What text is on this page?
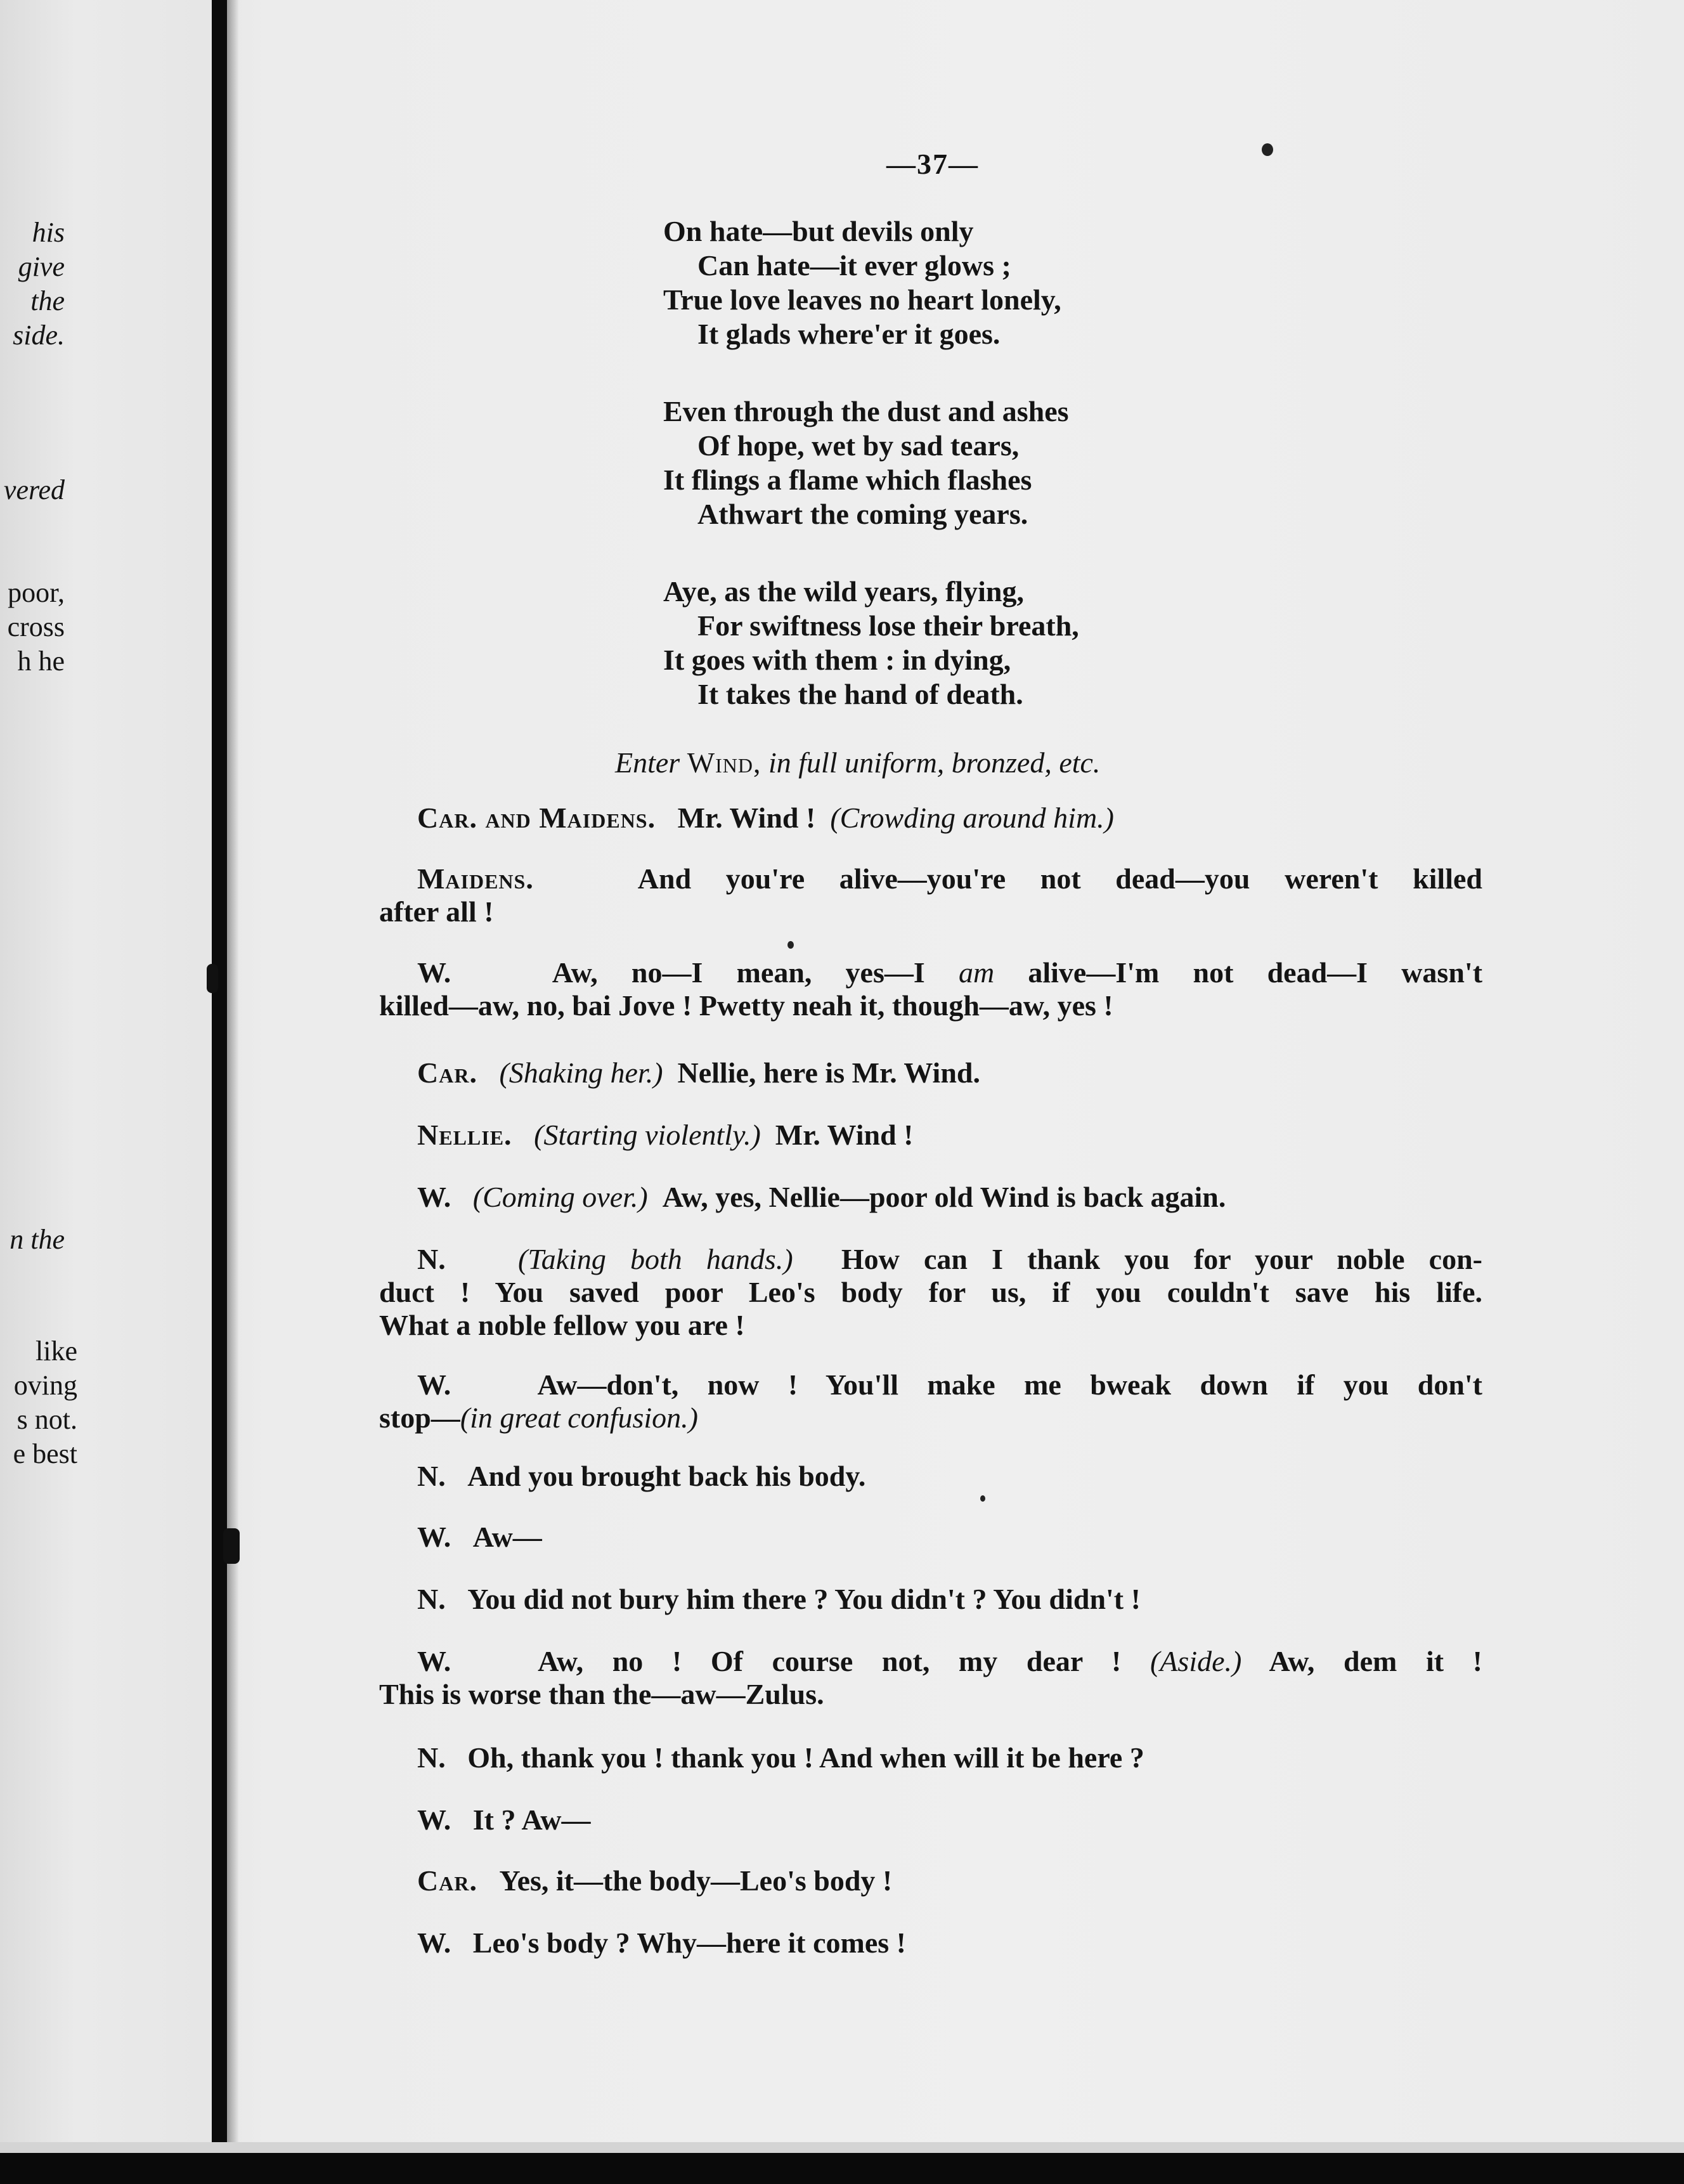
his
give
the
side.
vered
poor,
cross
h he
n the
like
oving
s not.
e best
—37—
On hate—but devils only
Can hate—it ever glows ;
True love leaves no heart lonely,
It glads where'er it goes.
Even through the dust and ashes
Of hope, wet by sad tears,
It flings a flame which flashes
Athwart the coming years.
Aye, as the wild years, flying,
For swiftness lose their breath,
It goes with them : in dying,
It takes the hand of death.
Enter Wind, in full uniform, bronzed, etc.
Car. and Maidens. Mr. Wind ! (Crowding around him.)
Maidens.	And you're alive—you're not dead—you weren't killed
after all !
W.	Aw, no—I mean, yes—I am alive—I'm not dead—I wasn't
killed—aw, no, bai Jove ! Pwetty neah it, though—aw, yes !
Car. (Shaking her.) Nellie, here is Mr. Wind.
Nellie. (Starting violently.) Mr. Wind !
W. (Coming over.) Aw, yes, Nellie—poor old Wind is back again.
N. (Taking both hands.) How can I thank you for your noble con-
duct ! You saved poor Leo's body for us, if you couldn't save his life.
What a noble fellow you are !
W.	Aw—don't, now ! You'll make me bweak down if you don't
stop—(in great confusion.)
N. And you brought back his body.
W. Aw—
N. You did not bury him there ? You didn't ? You didn't !
W.	Aw, no ! Of course not, my dear ! (Aside.) Aw, dem it !
This is worse than the—aw—Zulus.
N. Oh, thank you ! thank you ! And when will it be here ?
W. It ? Aw—
Car. Yes, it—the body—Leo's body !
W. Leo's body ? Why—here it comes !
